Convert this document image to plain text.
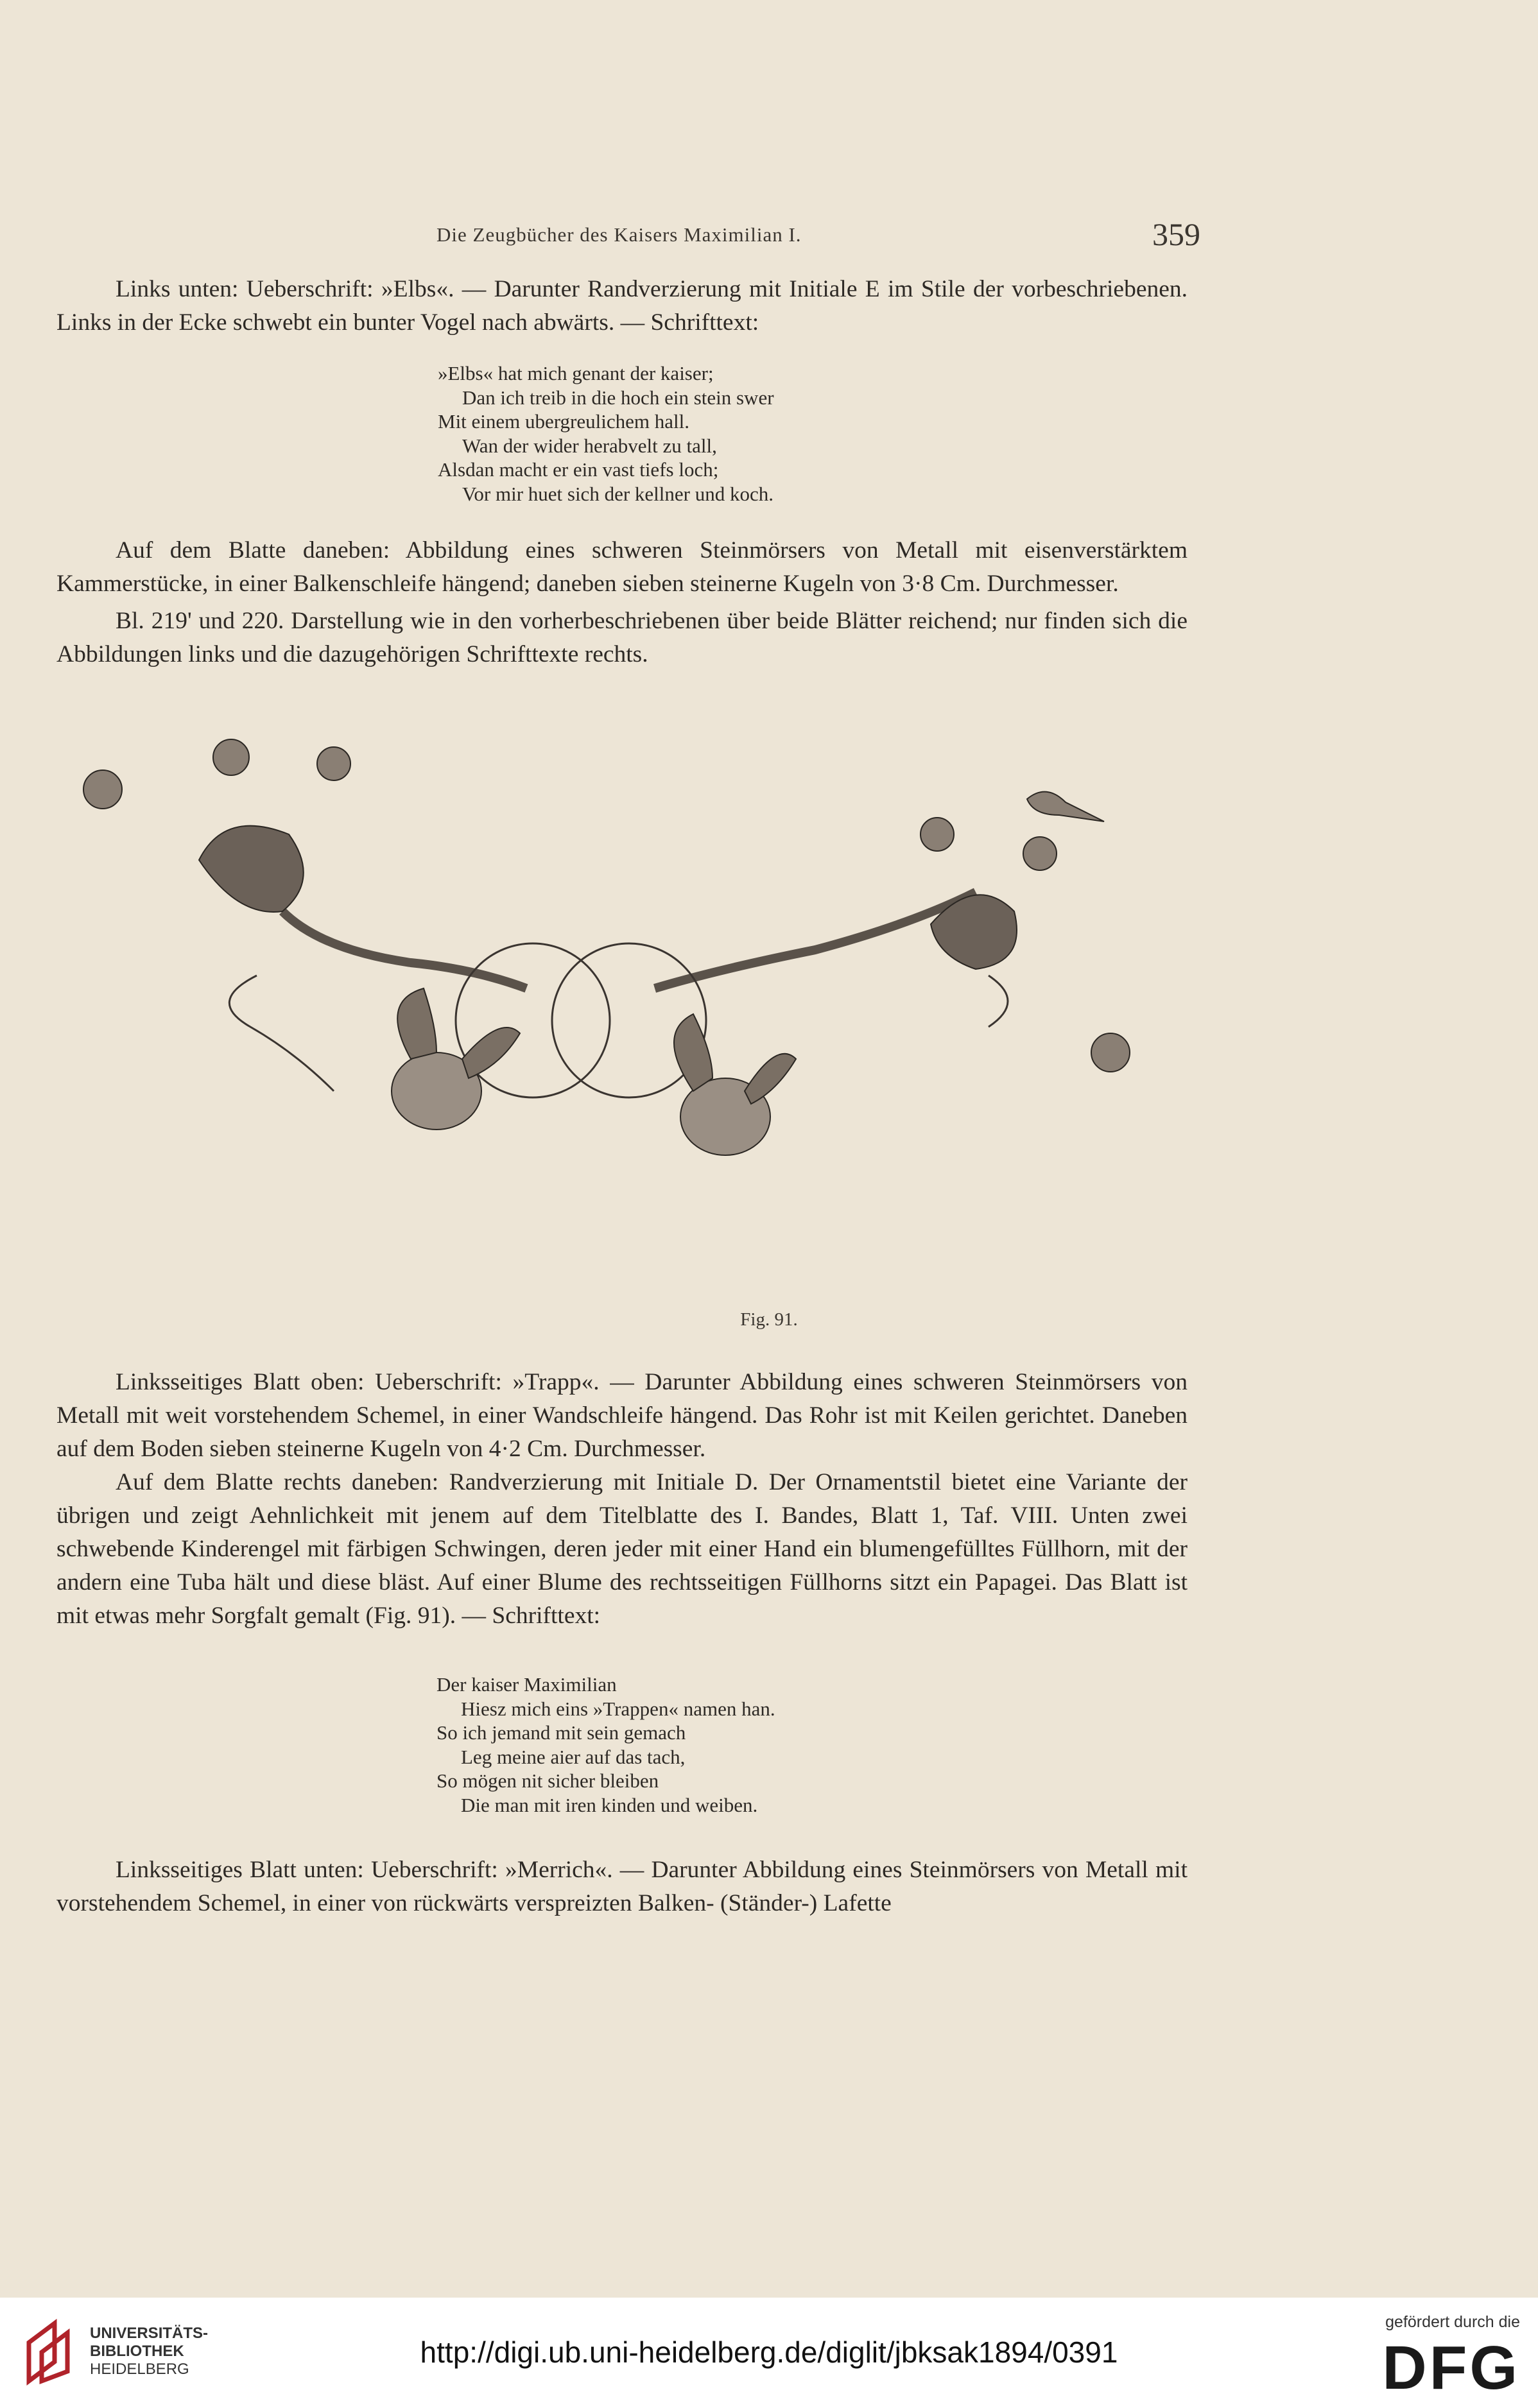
Die Zeugbücher des Kaisers Maximilian I.	359

Links unten: Ueberschrift: »Elbs«. — Darunter Randverzierung mit Initiale E im Stile der vorbeschriebenen. Links in der Ecke schwebt ein bunter Vogel nach abwärts. — Schrifttext:

»Elbs« hat mich genant der kaiser;
Dan ich treib in die hoch ein stein swer
Mit einem ubergreulichem hall.
Wan der wider herabvelt zu tall,
Alsdan macht er ein vast tiefs loch;
Vor mir huet sich der kellner und koch.

Auf dem Blatte daneben: Abbildung eines schweren Steinmörsers von Metall mit eisenverstärktem Kammerstücke, in einer Balkenschleife hängend; daneben sieben steinerne Kugeln von 3·8 Cm. Durchmesser.

Bl. 219' und 220. Darstellung wie in den vorherbeschriebenen über beide Blätter reichend; nur finden sich die Abbildungen links und die dazugehörigen Schrifttexte rechts.

Fig. 91.

Linksseitiges Blatt oben: Ueberschrift: »Trapp«. — Darunter Abbildung eines schweren Steinmörsers von Metall mit weit vorstehendem Schemel, in einer Wandschleife hängend. Das Rohr ist mit Keilen gerichtet. Daneben auf dem Boden sieben steinerne Kugeln von 4·2 Cm. Durchmesser.

Auf dem Blatte rechts daneben: Randverzierung mit Initiale D. Der Ornamentstil bietet eine Variante der übrigen und zeigt Aehnlichkeit mit jenem auf dem Titelblatte des I. Bandes, Blatt 1, Taf. VIII. Unten zwei schwebende Kinderengel mit färbigen Schwingen, deren jeder mit einer Hand ein blumengefülltes Füllhorn, mit der andern eine Tuba hält und diese bläst. Auf einer Blume des rechtsseitigen Füllhorns sitzt ein Papagei. Das Blatt ist mit etwas mehr Sorgfalt gemalt (Fig. 91). — Schrifttext:

Der kaiser Maximilian
Hiesz mich eins »Trappen« namen han.
So ich jemand mit sein gemach
Leg meine aier auf das tach,
So mögen nit sicher bleiben
Die man mit iren kinden und weiben.

Linksseitiges Blatt unten: Ueberschrift: »Merrich«. — Darunter Abbildung eines Steinmörsers von Metall mit vorstehendem Schemel, in einer von rückwärts verspreizten Balken- (Ständer-) Lafette

UNIVERSITÄTS-
BIBLIOTHEK
HEIDELBERG
http://digi.ub.uni-heidelberg.de/diglit/jbksak1894/0391
gefördert durch die
DFG
